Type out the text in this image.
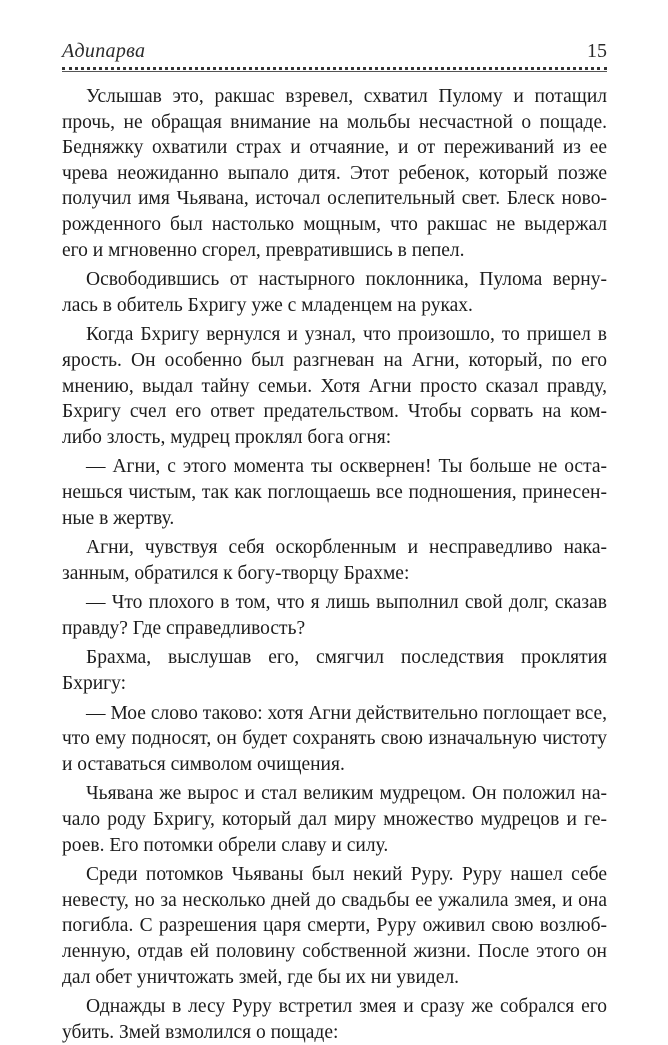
Адипарва	15

Услышав это, ракшас взревел, схватил Пулому и потащил прочь, не обращая внимание на мольбы несчастной о пощаде. Бедняжку охватили страх и отчаяние, и от переживаний из ее чрева неожиданно выпало дитя. Этот ребенок, который позже получил имя Чьявана, источал ослепительный свет. Блеск новорожденного был настолько мощным, что ракшас не выдержал его и мгновенно сгорел, превратившись в пепел.

Освободившись от настырного поклонника, Пулома вернулась в обитель Бхригу уже с младенцем на руках.

Когда Бхригу вернулся и узнал, что произошло, то пришел в ярость. Он особенно был разгневан на Агни, который, по его мнению, выдал тайну семьи. Хотя Агни просто сказал правду, Бхригу счел его ответ предательством. Чтобы сорвать на ком-либо злость, мудрец проклял бога огня:

— Агни, с этого момента ты осквернен! Ты больше не останешься чистым, так как поглощаешь все подношения, принесенные в жертву.

Агни, чувствуя себя оскорбленным и несправедливо наказанным, обратился к богу-творцу Брахме:

— Что плохого в том, что я лишь выполнил свой долг, сказав правду? Где справедливость?

Брахма, выслушав его, смягчил последствия проклятия Бхригу:

— Мое слово таково: хотя Агни действительно поглощает все, что ему подносят, он будет сохранять свою изначальную чистоту и оставаться символом очищения.

Чьявана же вырос и стал великим мудрецом. Он положил начало роду Бхригу, который дал миру множество мудрецов и героев. Его потомки обрели славу и силу.

Среди потомков Чьяваны был некий Руру. Руру нашел себе невесту, но за несколько дней до свадьбы ее ужалила змея, и она погибла. С разрешения царя смерти, Руру оживил свою возлюбленную, отдав ей половину собственной жизни. После этого он дал обет уничтожать змей, где бы их ни увидел.

Однажды в лесу Руру встретил змея и сразу же собрался его убить. Змей взмолился о пощаде:
